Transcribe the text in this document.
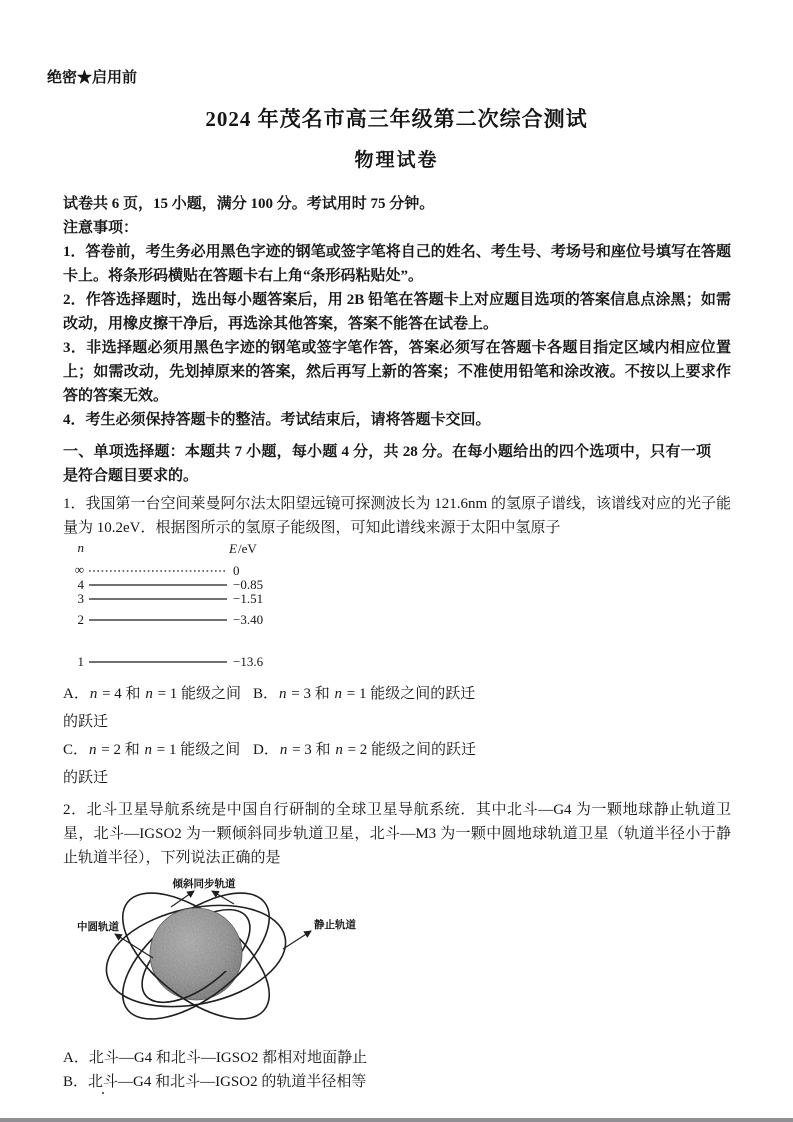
绝密★启用前
2024 年茂名市高三年级第二次综合测试
物理试卷

试卷共 6 页，15 小题，满分 100 分。考试用时 75 分钟。

注意事项：

1．答卷前，考生务必用黑色字迹的钢笔或签字笔将自己的姓名、考生号、考场号和座位号填写在答题卡上。将条形码横贴在答题卡右上角“条形码粘贴处”。

2．作答选择题时，选出每小题答案后，用 2B 铅笔在答题卡上对应题目选项的答案信息点涂黑；如需改动，用橡皮擦干净后，再选涂其他答案，答案不能答在试卷上。

3．非选择题必须用黑色字迹的钢笔或签字笔作答，答案必须写在答题卡各题目指定区域内相应位置上；如需改动，先划掉原来的答案，然后再写上新的答案；不准使用铅笔和涂改液。不按以上要求作答的答案无效。

4．考生必须保持答题卡的整洁。考试结束后，请将答题卡交回。

一、单项选择题：本题共 7 小题，每小题 4 分，共 28 分。在每小题给出的四个选项中，只有一项是符合题目要求的。

1．我国第一台空间莱曼阿尔法太阳望远镜可探测波长为 121.6nm 的氢原子谱线，该谱线对应的光子能量为 10.2eV．根据图所示的氢原子能级图，可知此谱线来源于太阳中氢原子

n	E /eV
∞	0
4	−0.85
3	−1.51
2	−3.40
1	−13.6
A．n = 4 和 n = 1 能级之间的跃迁
B．n = 3 和 n = 1 能级之间的跃迁
C．n = 2 和 n = 1 能级之间的跃迁
D．n = 3 和 n = 2 能级之间的跃迁

2．北斗卫星导航系统是中国自行研制的全球卫星导航系统．其中北斗—G4 为一颗地球静止轨道卫星，北斗—IGSO2 为一颗倾斜同步轨道卫星，北斗—M3 为一颗中圆地球轨道卫星（轨道半径小于静止轨道半径），下列说法正确的是

倾斜同步轨道
中圆轨道	静止轨道

A．北斗—G4 和北斗—IGSO2 都相对地面静止

B．北斗—G4 和北斗—IGSO2 的轨道半径相等
